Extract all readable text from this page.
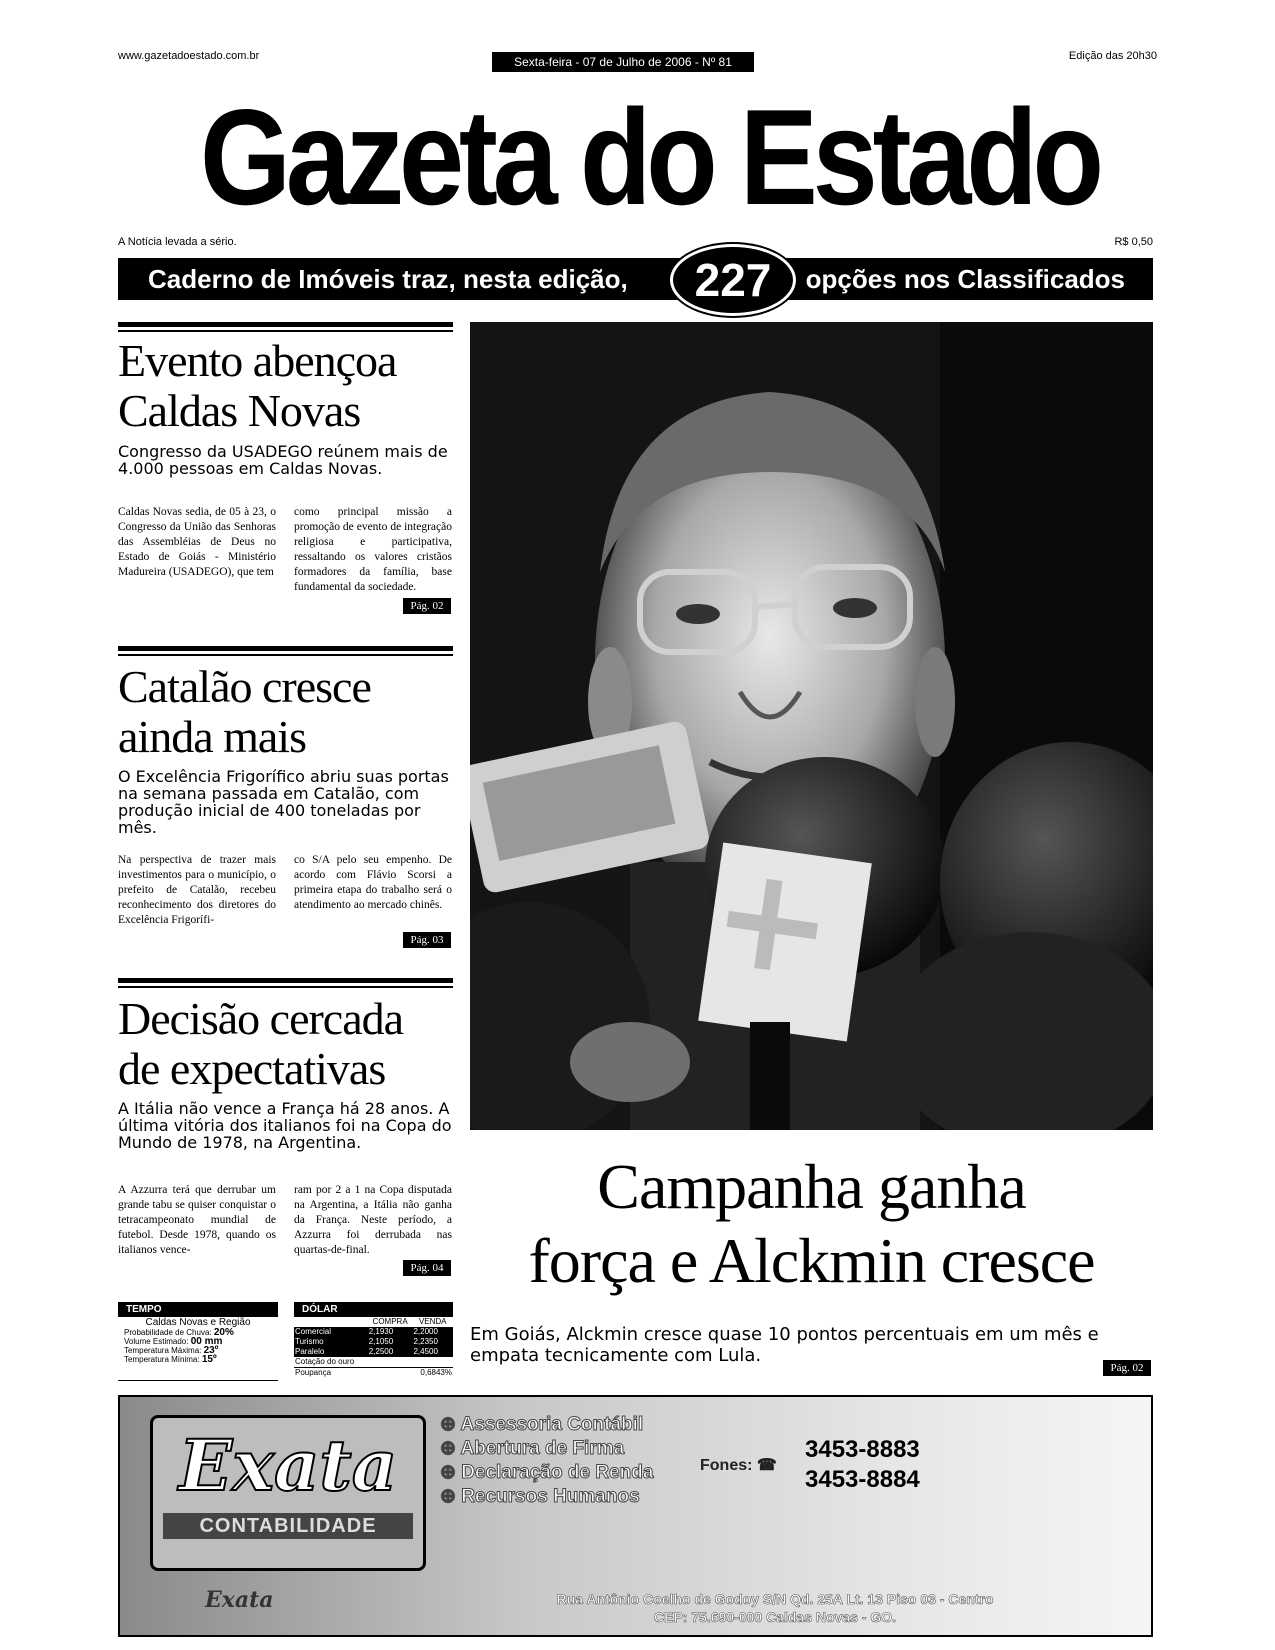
www.gazetadoestado.com.br	Sexta-feira - 07 de Julho de 2006 - Nº 81	Edição das 20h30
Gazeta do Estado
A Notícia levada a sério.	R$ 0,50
Caderno de Imóveis traz, nesta edição,	opções nos Classificados
227
Evento abençoa
Caldas Novas
Congresso da USADEGO reúnem mais de 4.000 pessoas em Caldas Novas.
Caldas Novas sedia, de 05 à 23, o Congresso da União das Senhoras das Assembléias de Deus no Estado de Goiás - Ministério Madureira (USADEGO), que tem
como principal missão a promoção de evento de integração religiosa e participativa, ressaltando os valores cristãos formadores da família, base fundamental da sociedade.
Pág. 02
Catalão cresce
ainda mais
O Excelência Frigorífico abriu suas portas na semana passada em Catalão, com produção inicial de 400 toneladas por mês.
Na perspectiva de trazer mais investimentos para o município, o prefeito de Catalão, recebeu reconhecimento dos diretores do Excelência Frigorífi-
co S/A pelo seu empenho. De acordo com Flávio Scorsi a primeira etapa do trabalho será o atendimento ao mercado chinês.
Pág. 03
Decisão cercada
de expectativas
A Itália não vence a França há 28 anos. A última vitória dos italianos foi na Copa do Mundo de 1978, na Argentina.
A Azzurra terá que derrubar um grande tabu se quiser conquistar o tetracampeonato mundial de futebol. Desde 1978, quando os italianos vence-
ram por 2 a 1 na Copa disputada na Argentina, a Itália não ganha da França. Neste período, a Azzurra foi derrubada nas quartas-de-final.
Pág. 04
Campanha ganha
força e Alckmin cresce
Em Goiás, Alckmin cresce quase 10 pontos percentuais em um mês e empata tecnicamente com Lula.
Pág. 02
TEMPO
Caldas Novas e Região
Probabilidade de Chuva: 20%
Volume Estimado: 00 mm
Temperatura Máxima: 23º
Temperatura Mínima: 15º
DÓLAR
	COMPRA	VENDA
Comercial	2,1930	2,2000
Turismo	2,1050	2,2350
Paralelo	2,2500	2,4500
Cotação do ouro		
Poupança		0,6843%
Exata
CONTABILIDADE
Exata
⊕ Assessoria Contábil
⊕ Abertura de Firma
⊕ Declaração de Renda
⊕ Recursos Humanos
Fones: ☎
3453-8883
3453-8884
Rua Antônio Coelho de Godoy S/N Qd. 25A Lt. 13 Piso 03 - Centro
CEP: 75.690-000 Caldas Novas - GO.
